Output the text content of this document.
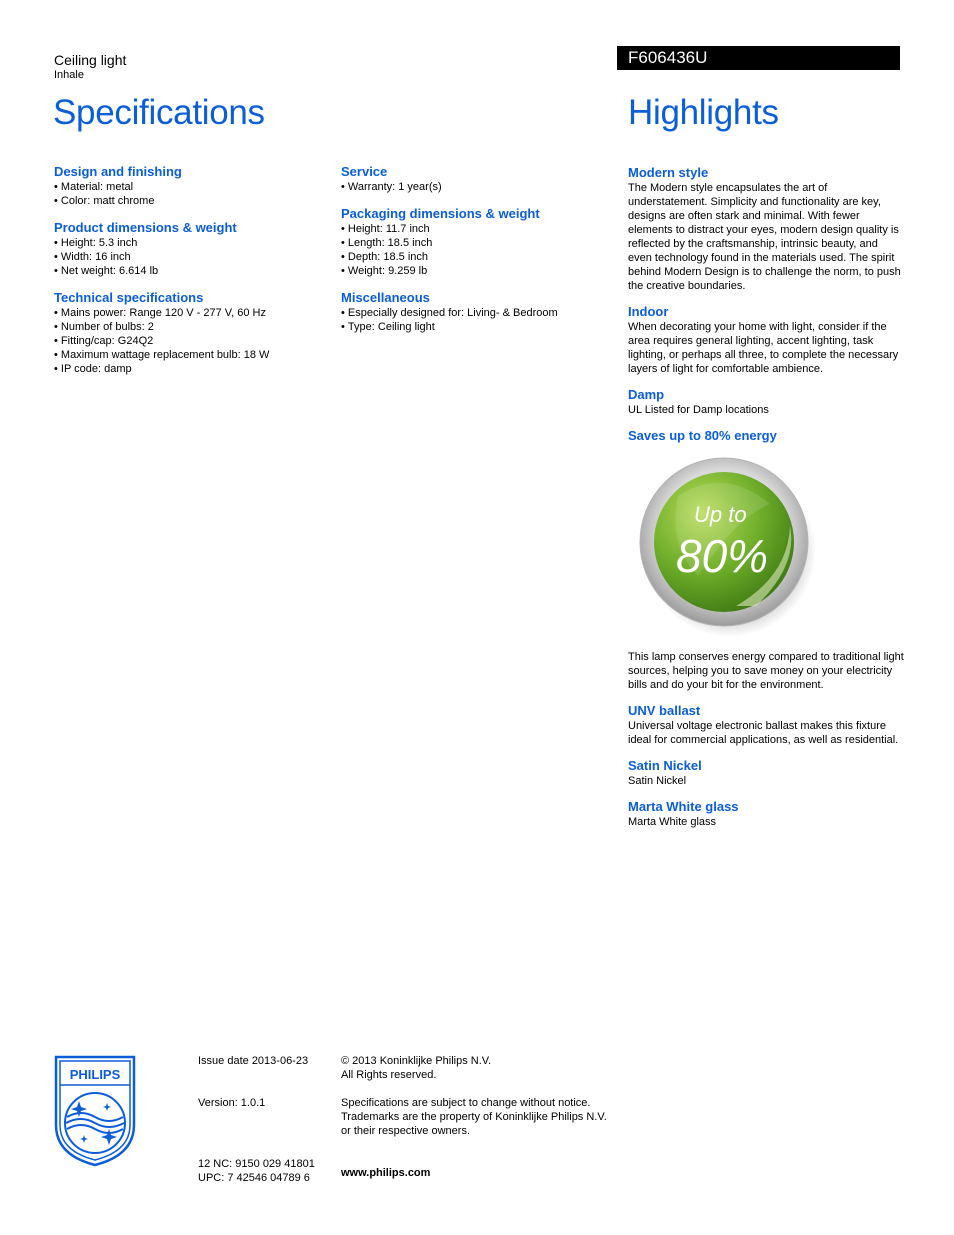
Ceiling light
Inhale
F606436U
Specifications	Highlights
Design and finishing
• Material: metal
• Color: matt chrome
Product dimensions & weight
• Height: 5.3 inch
• Width: 16 inch
• Net weight: 6.614 lb
Technical specifications
• Mains power: Range 120 V - 277 V, 60 Hz
• Number of bulbs: 2
• Fitting/cap: G24Q2
• Maximum wattage replacement bulb: 18 W
• IP code: damp
Service
• Warranty: 1 year(s)
Packaging dimensions & weight
• Height: 11.7 inch
• Length: 18.5 inch
• Depth: 18.5 inch
• Weight: 9.259 lb
Miscellaneous
• Especially designed for: Living- & Bedroom
• Type: Ceiling light
Modern style

The Modern style encapsulates the art of understatement. Simplicity and functionality are key, designs are often stark and minimal. With fewer elements to distract your eyes, modern design quality is reflected by the craftsmanship, intrinsic beauty, and even technology found in the materials used. The spirit behind Modern Design is to challenge the norm, to push the creative boundaries.

Indoor

When decorating your home with light, consider if the area requires general lighting, accent lighting, task lighting, or perhaps all three, to complete the necessary layers of light for comfortable ambience.

Damp

UL Listed for Damp locations

Saves up to 80% energy
Up to
80%

This lamp conserves energy compared to traditional light sources, helping you to save money on your electricity bills and do your bit for the environment.

UNV ballast

Universal voltage electronic ballast makes this fixture ideal for commercial applications, as well as residential.

Satin Nickel

Satin Nickel

Marta White glass

Marta White glass

PHILIPS

Issue date 2013-06-23

Version: 1.0.1

12 NC: 9150 029 41801

UPC: 7 42546 04789 6

© 2013 Koninklijke Philips N.V.

All Rights reserved.

Specifications are subject to change without notice.

Trademarks are the property of Koninklijke Philips N.V.

or their respective owners.

www.philips.com
